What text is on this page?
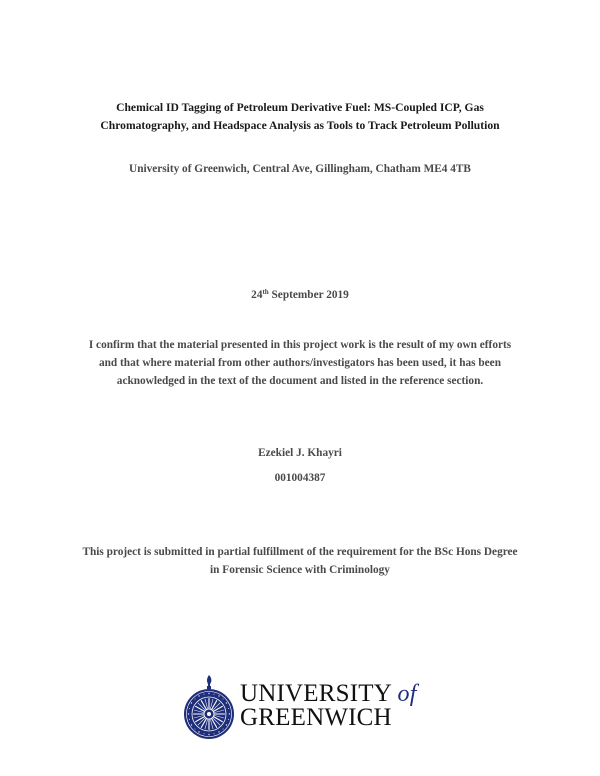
Chemical ID Tagging of Petroleum Derivative Fuel: MS-Coupled ICP, Gas
Chromatography, and Headspace Analysis as Tools to Track Petroleum Pollution
University of Greenwich, Central Ave, Gillingham, Chatham ME4 4TB
24th September 2019
I confirm that the material presented in this project work is the result of my own efforts
and that where material from other authors/investigators has been used, it has been
acknowledged in the text of the document and listed in the reference section.
Ezekiel J. Khayri
001004387
This project is submitted in partial fulfillment of the requirement for the BSc Hons Degree
in Forensic Science with Criminology
UNIVERSITY of
GREENWICH
